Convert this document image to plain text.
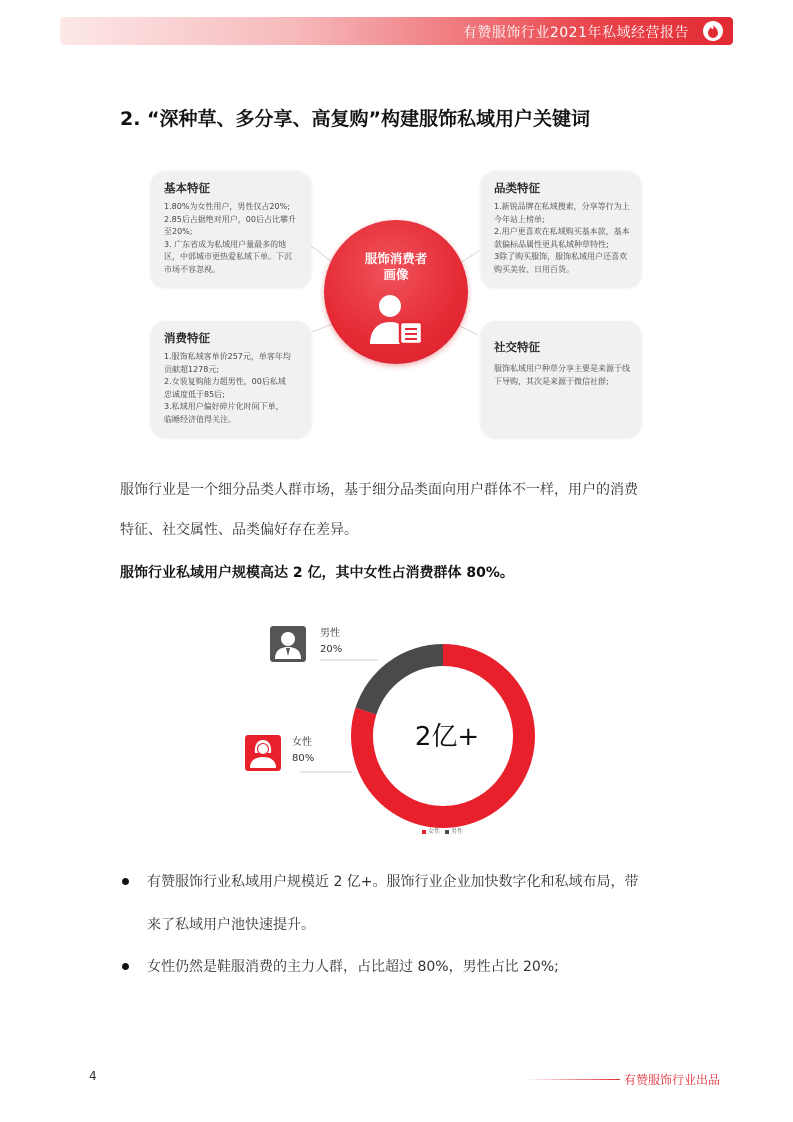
有赞服饰行业2021年私域经营报告
2. “深种草、多分享、高复购”构建服饰私域用户关键词
基本特征
1.80%为女性用户，男性仅占20%;
2.85后占据绝对用户，00后占比攀升
至20%;
3. 广东省成为私域用户量最多的地
区，中部城市更热爱私域下单。下沉
市场不容忽视。
品类特征
1.新锐品牌在私域搜索，分享等行为上
今年站上榜单;
2.用户更喜欢在私域购买基本款，基本
款偏标品属性更具私域种草特性;
3除了购买服饰，服饰私域用户还喜欢
购买美妆、日用百货。
消费特征
1.服饰私域客单价257元，单客年均
贡献超1278元;
2.女装复购能力超男性，00后私域
忠诚度低于85后;
3.私域用户偏好碎片化时间下单，
临睡经济值得关注。
社交特征
服饰私域用户种草分享主要是来源于线
下导购，其次是来源于微信社群;
服饰消费者
画像
服饰行业是一个细分品类人群市场，基于细分品类面向用户群体不一样，用户的消费
特征、社交属性、品类偏好存在差异。
服饰行业私域用户规模高达 2 亿，其中女性占消费群体 80%。
2亿+
男性
20%
女性
80%
女性 男性
有赞服饰行业私域用户规模近 2 亿+。服饰行业企业加快数字化和私域布局，带
来了私域用户池快速提升。
女性仍然是鞋服消费的主力人群，占比超过 80%，男性占比 20%;
4	有赞服饰行业出品
